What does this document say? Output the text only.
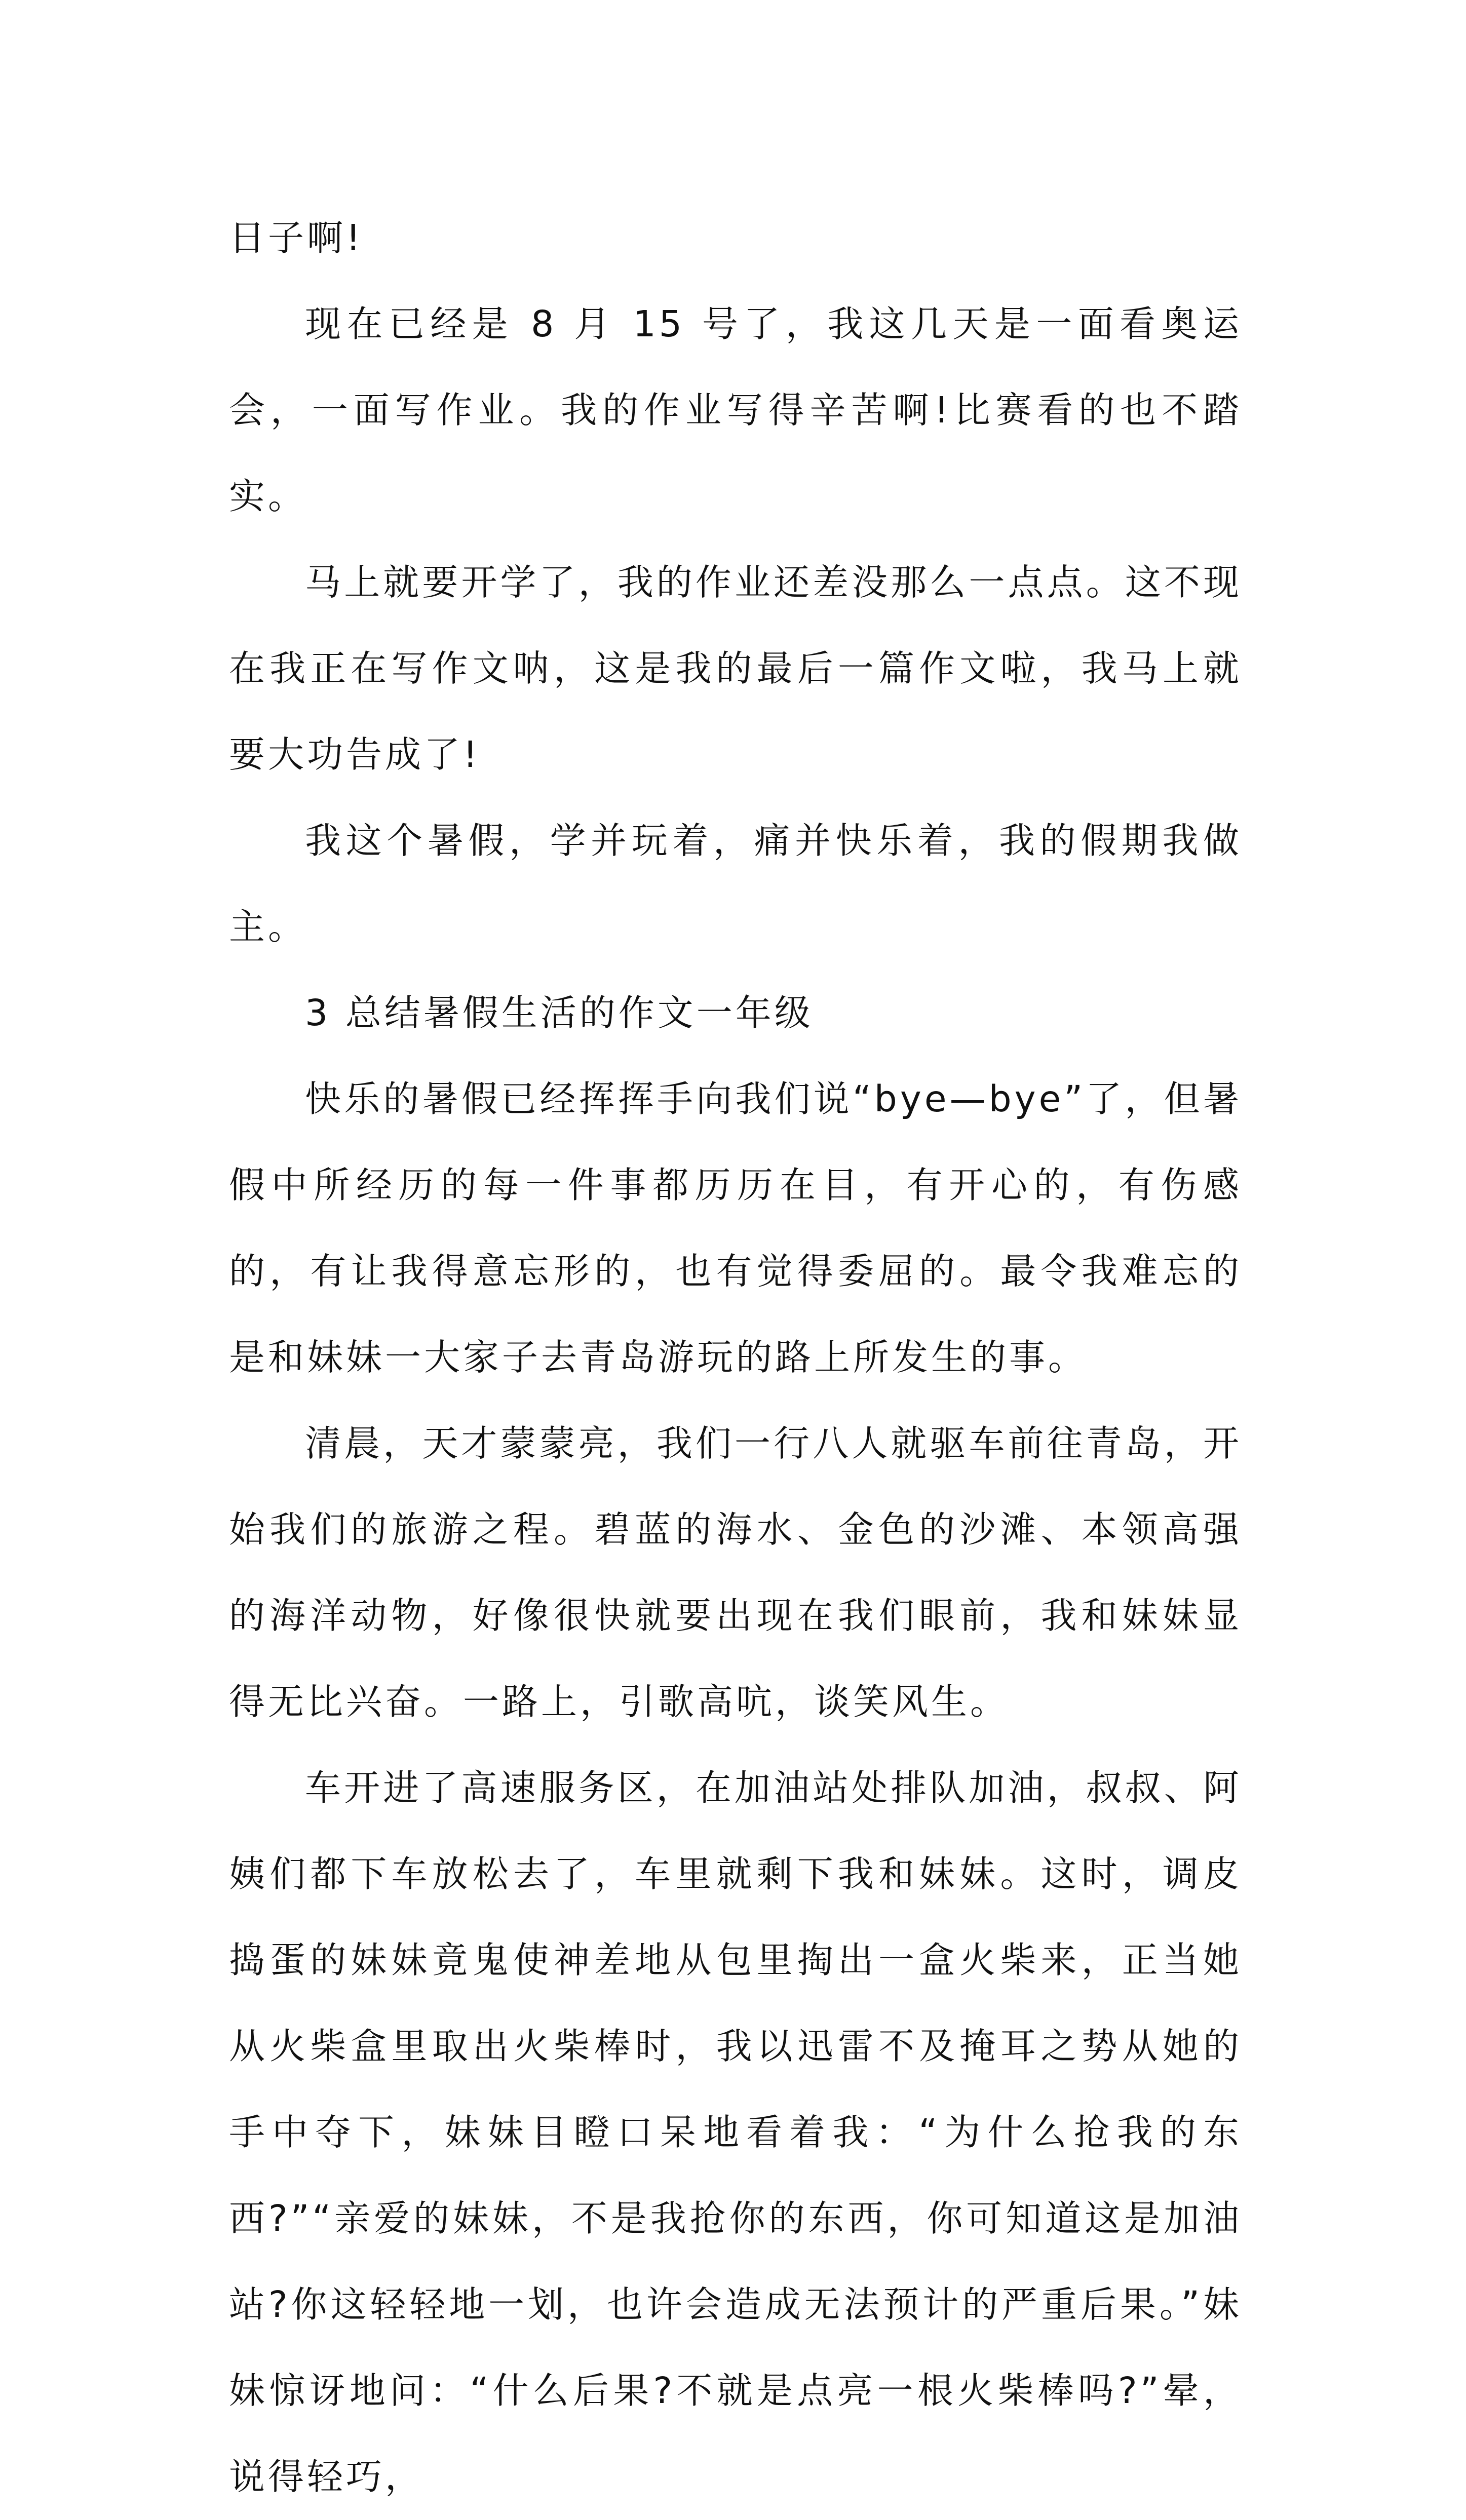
日子啊!

现在已经是 8 月 15 号了，我这几天是一面看奥运会，一面写作业。我的作业写得辛苦啊!比赛看的也不踏实。

马上就要开学了，我的作业还差没那么一点点。这不现在我正在写作文呐，这是我的最后一篇作文啦，我马上就要大功告成了!

我这个暑假，学并玩着，痛并快乐着，我的假期我做主。

3 总结暑假生活的作文一年级

快乐的暑假已经挥挥手向我们说“bye—bye”了，但暑假中所经历的每一件事都历历在目，有开心的，有伤感的，有让我得意忘形的，也有觉得委屈的。最令我难忘的是和妹妹一大家子去青岛游玩的路上所发生的事。

清晨，天才蒙蒙亮，我们一行八人就驱车前往青岛，开始我们的旅游之程。碧蓝的海水、金色的沙滩、本领高强的海洋动物，好像很快就要出现在我们眼前，我和妹妹显得无比兴奋。一路上，引歌高吭，谈笑风生。

车开进了高速服务区，在加油站处排队加油，叔叔、阿姨们都下车放松去了，车里就剩下我和妹妹。这时，调皮捣蛋的妹妹竟鬼使神差地从包里掏出一盒火柴来，正当她从火柴盒里取出火柴棒时，我以迅雷不及掩耳之势从她的手中夺下，妹妹目瞪口呆地看着我：“为什么抢我的东西?”“亲爱的妹妹，不是我抢你的东西，你可知道这是加油站?你这轻轻地一划，也许会造成无法预计的严重后果。”妹妹惊讶地问：“什么后果?不就是点亮一根火柴棒吗?”晕，说得轻巧，
